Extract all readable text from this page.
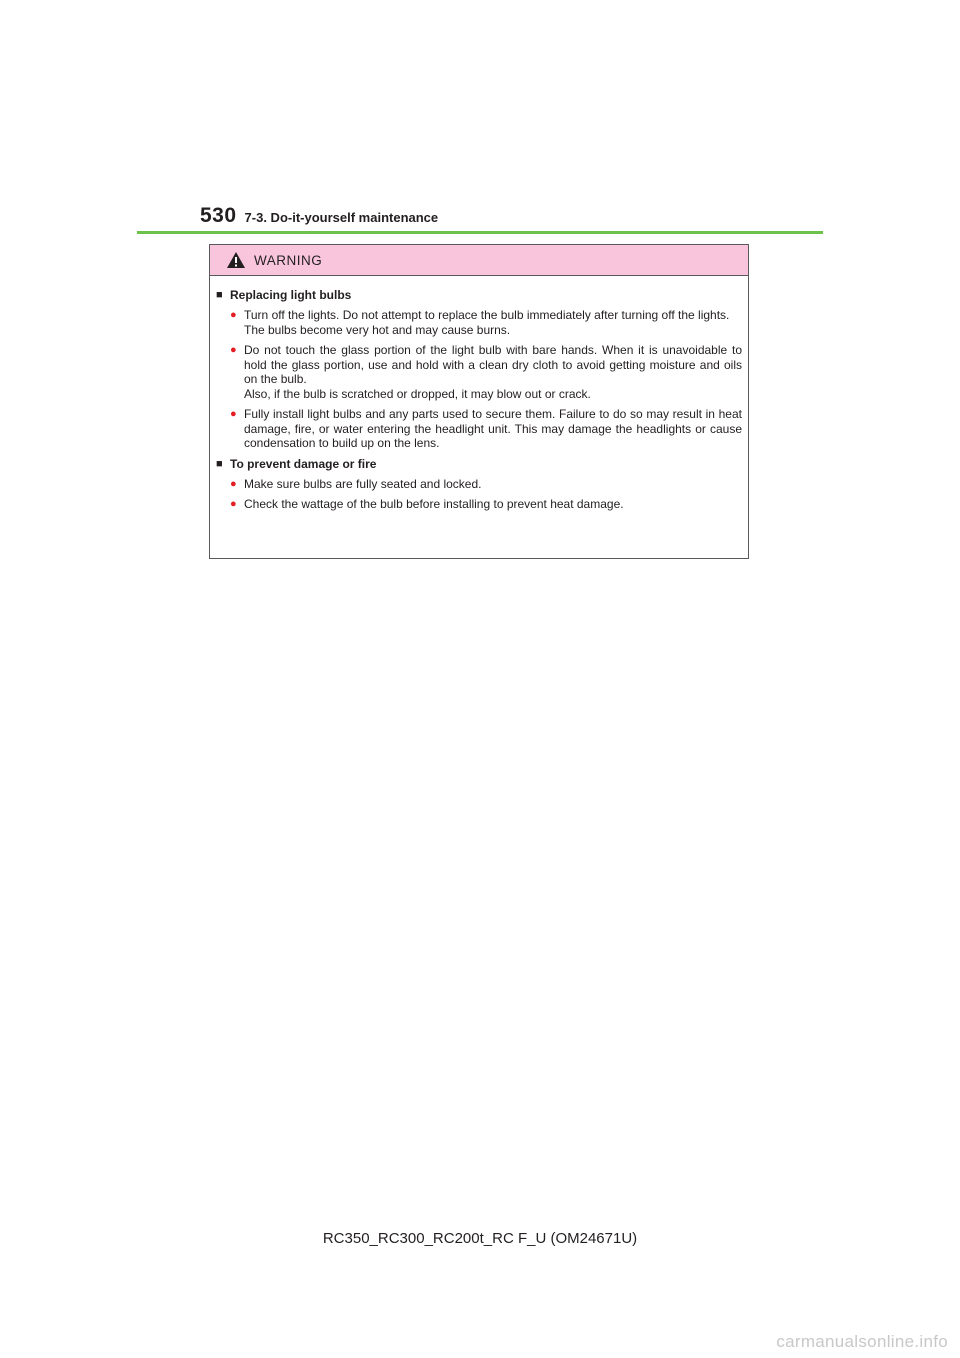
530 7-3. Do-it-yourself maintenance
WARNING
■ Replacing light bulbs
● Turn off the lights. Do not attempt to replace the bulb immediately after turning off the lights.
The bulbs become very hot and may cause burns.
● Do not touch the glass portion of the light bulb with bare hands. When it is unavoidable to hold the glass portion, use and hold with a clean dry cloth to avoid getting moisture and oils on the bulb.
Also, if the bulb is scratched or dropped, it may blow out or crack.
● Fully install light bulbs and any parts used to secure them. Failure to do so may result in heat damage, fire, or water entering the headlight unit. This may damage the headlights or cause condensation to build up on the lens.
■ To prevent damage or fire
● Make sure bulbs are fully seated and locked.
● Check the wattage of the bulb before installing to prevent heat damage.
RC350_RC300_RC200t_RC F_U (OM24671U)
carmanualsonline.info
